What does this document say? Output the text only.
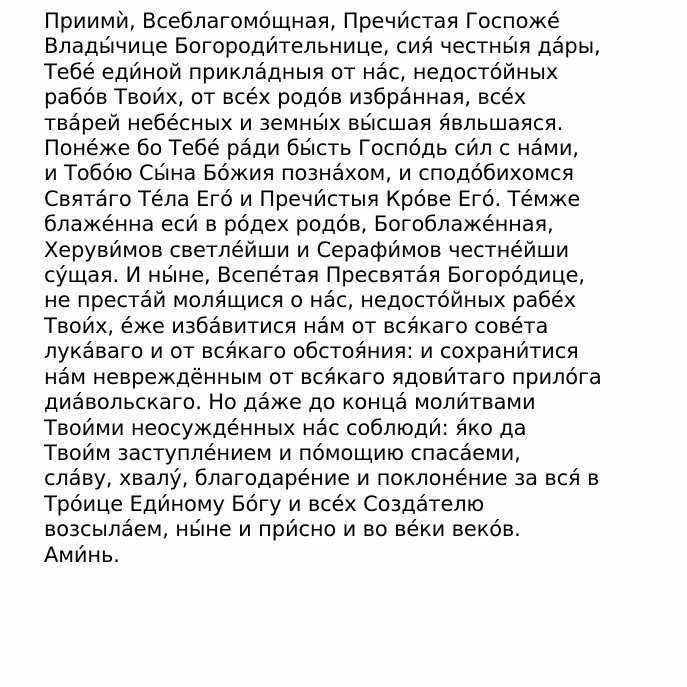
Приимѝ, Всеблагомо́щная, Пречи́стая Госпоже́
Влады́чице Богороди́тельнице, сия́ честны́я да́ры,
Тебе́ еди́ной прикла́дныя от на́с, недосто́йных
рабо́в Твои́х, от все́х родо́в избра́нная, все́х
тва́рей небе́сных и земны́х вы́сшая я́вльшаяся.
Поне́же бо Тебе́ ра́ди бы́сть Госпо́дь си́л с на́ми,
и Тобо́ю Сы́на Бо́жия позна́хом, и сподо́бихомся
Свята́го Те́ла Его́ и Пречи́стыя Кро́ве Его́. Те́мже
блаже́нна еси́ в ро́дех родо́в, Богоблаже́нная,
Херуви́мов светле́йши и Серафи́мов честне́йши
су́щая. И ны́не, Всепе́тая Пресвята́я Богоро́дице,
не преста́й моля́щися о на́с, недосто́йных рабе́х
Твои́х, е́же изба́витися на́м от вся́каго сове́та
лука́ваго и от вся́каго обстоя́ния: и сохрани́тися
на́м невреждённым от вся́каго ядови́таго прило́га
диа́вольскаго. Но да́же до конца́ моли́твами
Твои́ми неосужде́нных на́с соблюди́: я́ко да
Твои́м заступле́нием и по́мощию спаса́еми,
сла́ву, хвалу́, благодаре́ние и поклоне́ние за вся́ в
Тро́ице Еди́ному Бо́гу и все́х Созда́телю
возсыла́ем, ны́не и при́сно и во ве́ки веко́в.
Ами́нь.
